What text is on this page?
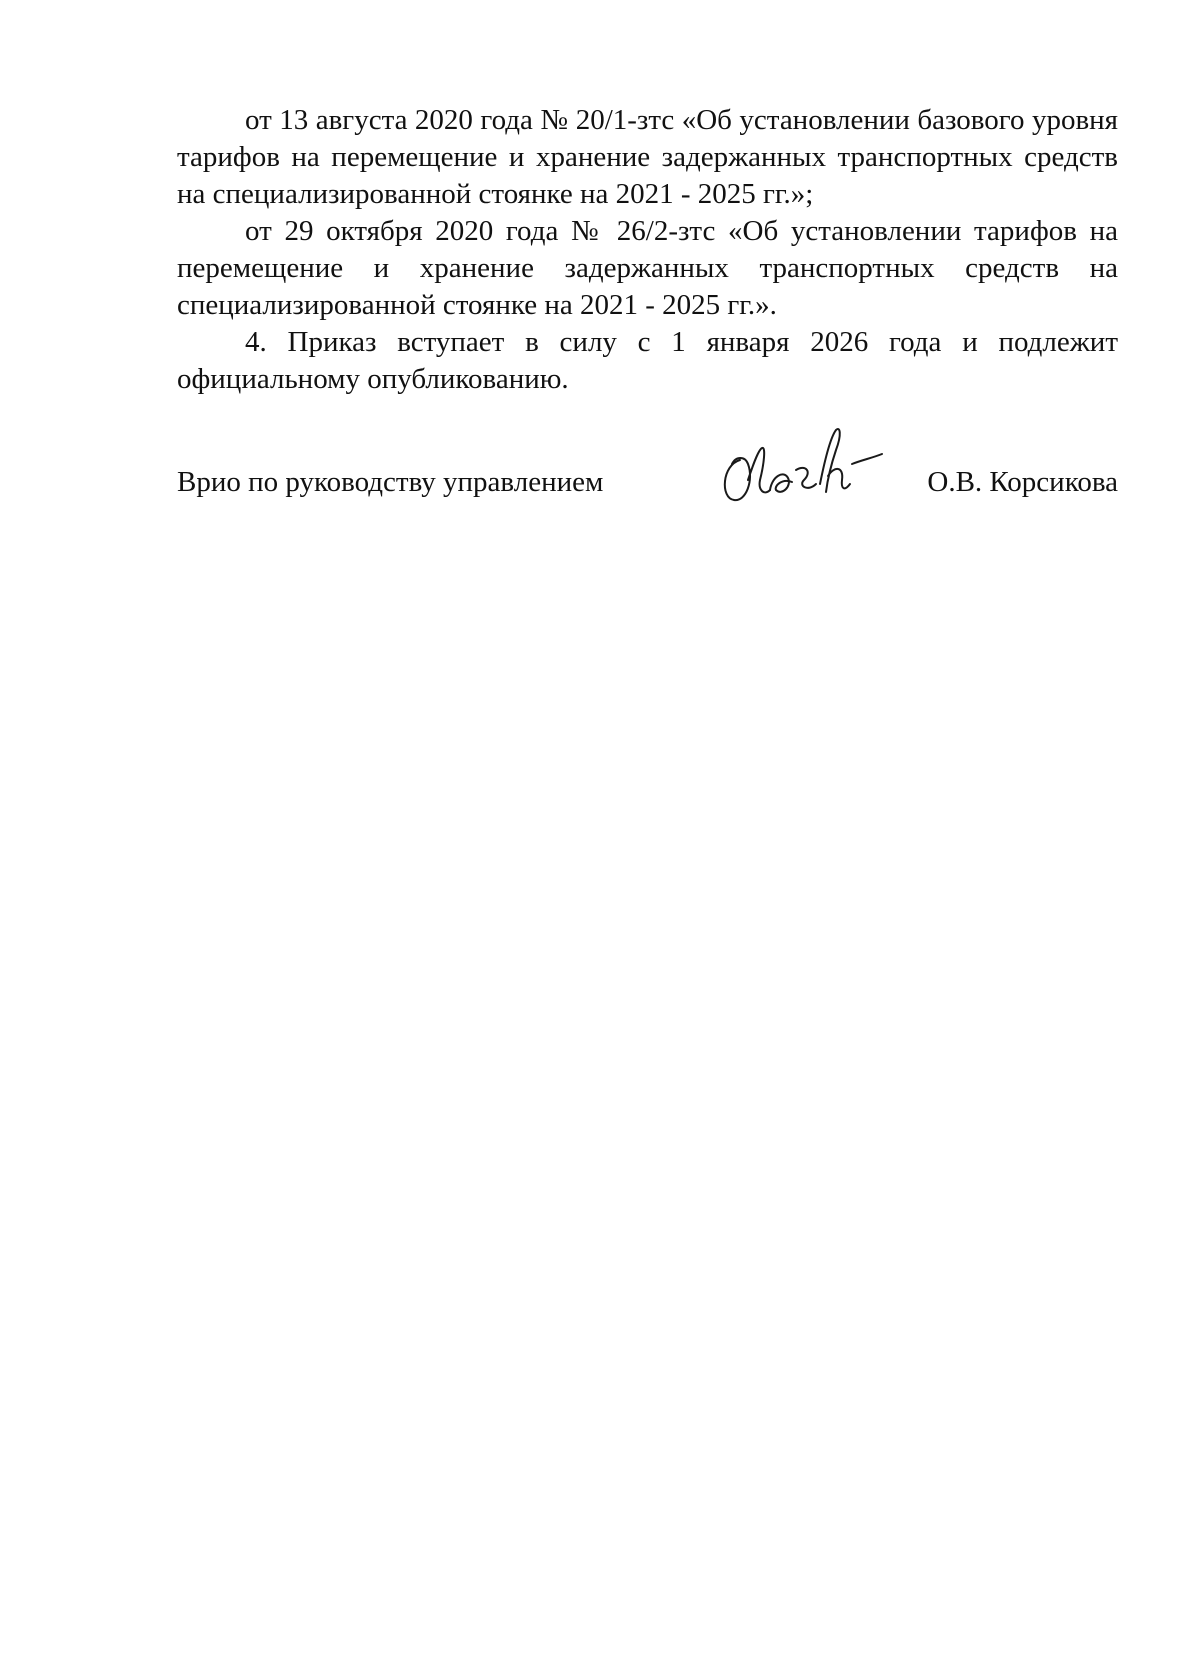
от 13 августа 2020 года № 20/1-зтс «Об установлении базового уровня тарифов на перемещение и хранение задержанных транспортных средств на специализированной стоянке на 2021 - 2025 гг.»;

от 29 октября 2020 года № 26/2-зтс «Об установлении тарифов на перемещение и хранение задержанных транспортных средств на специализированной стоянке на 2021 - 2025 гг.».

4. Приказ вступает в силу с 1 января 2026 года и подлежит официальному опубликованию.

Врио по руководству управлением	О.В. Корсикова
